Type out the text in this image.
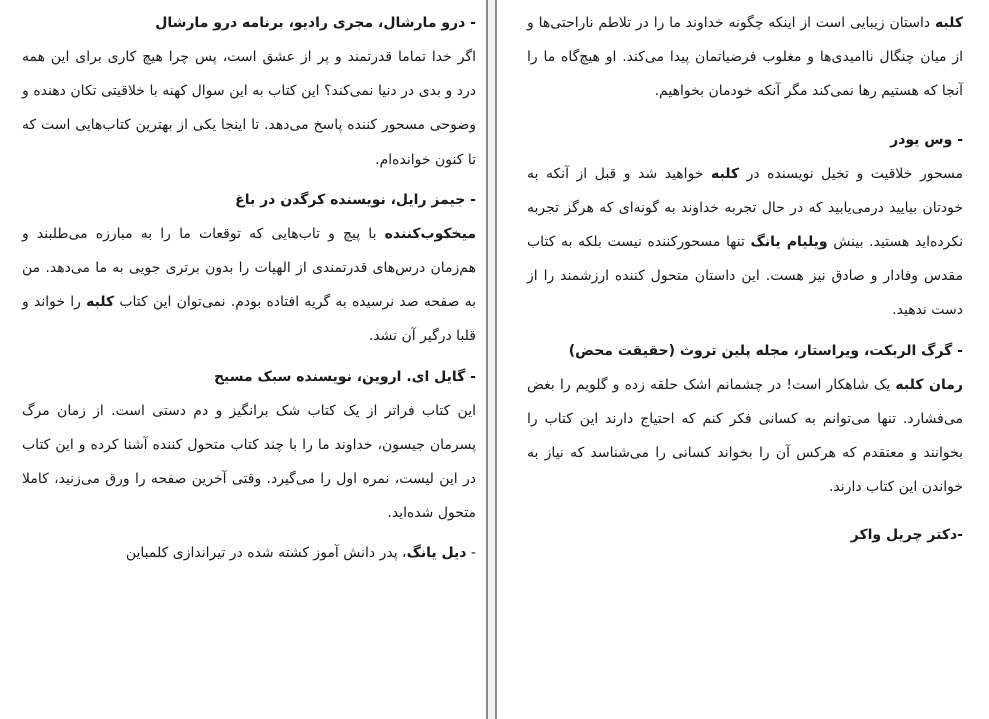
- درو مارشال، مجری رادیو، برنامه درو مارشال

اگر خدا تماما قدرتمند و پر از عشق است، پس چرا هیچ کاری برای این همه درد و بدی در دنیا نمی‌کند؟ این کتاب به این سوال کهنه با خلاقیتی تکان دهنده و وضوحی مسحور کننده پاسخ می‌دهد. تا اینجا یکی از بهترین کتاب‌هایی است که تا کنون خوانده‌ام.

- جیمز رایل، نویسنده کرگدن در باغ

میخکوب‌کننده با پیچ و تاب‌هایی که توقعات ما را به مبارزه می‌طلبند و هم‌زمان درس‌های قدرتمندی از الهیات را بدون برتری جویی به ما می‌دهد. من به صفحه صد نرسیده به گریه افتاده بودم. نمی‌توان این کتاب کلبه را خواند و قلبا درگیر آن نشد.

- گایل ای. اروین، نویسنده سبک مسیح

این کتاب فراتر از یک کتاب شک برانگیز و دم دستی است. از زمان مرگ پسرمان جیسون، خداوند ما را با چند کتاب متحول کننده آشنا کرده و این کتاب در این لیست، نمره اول را می‌گیرد. وقتی آخرین صفحه را ورق می‌زنید، کاملا متحول شده‌اید.

- دیل یانگ، پدر دانش آموز کشته شده در تیراندازی کلمباین

کلبه داستان زیبایی است از اینکه چگونه خداوند ما را در تلاطم ناراحتی‌ها و از میان چنگال ناامیدی‌ها و مغلوب فرضیاتمان پیدا می‌کند. او هیچ‌گاه ما را آنجا که هستیم رها نمی‌کند مگر آنکه خودمان بخواهیم.

- وس یودر

مسحور خلاقیت و تخیل نویسنده در کلبه خواهید شد و قبل از آنکه به خودتان بیایید درمی‌یابید که در حال تجربه خداوند به گونه‌ای که هرگز تجربه نکرده‌اید هستید. بینش ویلیام یانگ تنها مسحورکننده نیست بلکه به کتاب مقدس وفادار و صادق نیز هست. این داستان متحول کننده ارزشمند را از دست ندهید.

- گرگ الربکت، ویراستار، مجله پلین تروث (حقیقت محض)

رمان کلبه یک شاهکار است! در چشمانم اشک حلقه زده و گلویم را بغض می‌فشارد. تنها می‌توانم به کسانی فکر کنم که احتیاج دارند این کتاب را بخوانند و معتقدم که هرکس آن را بخواند کسانی را می‌شناسد که نیاز به خواندن این کتاب دارند.

-دکتر چریل واکر
